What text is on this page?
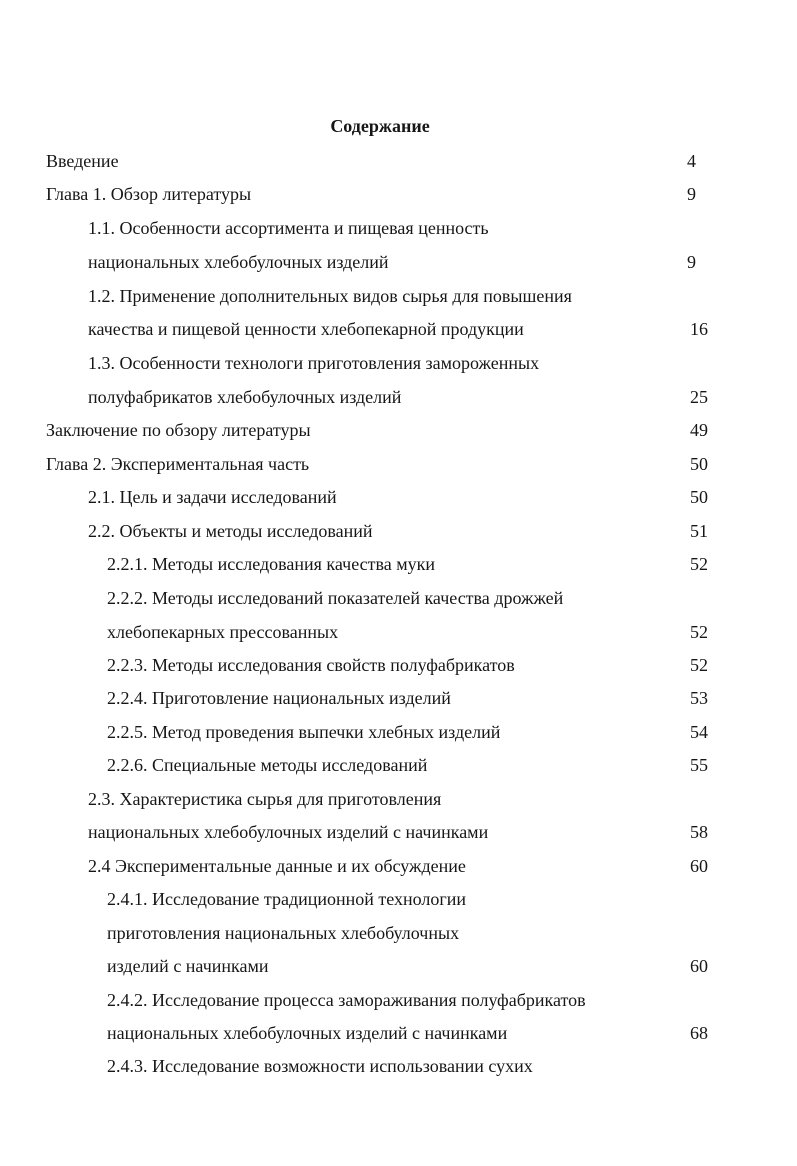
Содержание
Введение	4
Глава 1. Обзор литературы	9
1.1. Особенности ассортимента и пищевая ценность
национальных хлебобулочных изделий	9
1.2. Применение дополнительных видов сырья для повышения
качества и пищевой ценности хлебопекарной продукции	16
1.3. Особенности технологи приготовления замороженных
полуфабрикатов хлебобулочных изделий	25
Заключение по обзору литературы	49
Глава 2. Экспериментальная часть	50
2.1. Цель и задачи исследований	50
2.2. Объекты и методы исследований	51
2.2.1. Методы исследования качества муки	52
2.2.2. Методы исследований показателей качества дрожжей
хлебопекарных прессованных	52
2.2.3. Методы исследования свойств полуфабрикатов	52
2.2.4. Приготовление национальных изделий	53
2.2.5. Метод проведения выпечки хлебных изделий	54
2.2.6. Специальные методы исследований	55
2.3. Характеристика сырья для приготовления
национальных хлебобулочных изделий с начинками	58
2.4 Экспериментальные данные и их обсуждение	60
2.4.1. Исследование традиционной технологии
приготовления национальных хлебобулочных
изделий с начинками	60
2.4.2. Исследование процесса замораживания полуфабрикатов
национальных хлебобулочных изделий с начинками	68
2.4.3. Исследование возможности использовании сухих
